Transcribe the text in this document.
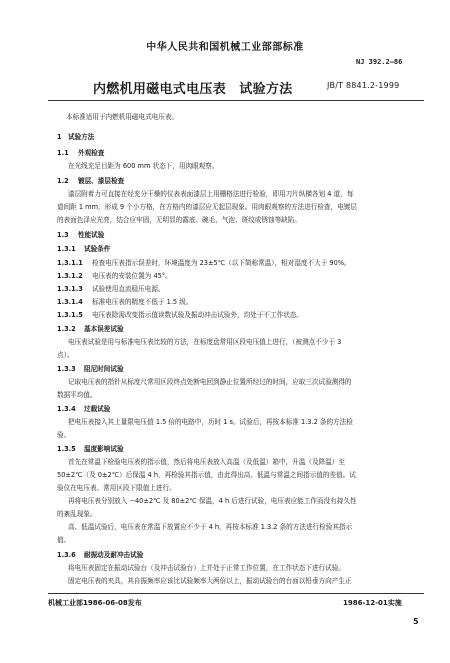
中华人民共和国机械工业部部标准
NJ 392.2—86
内燃机用磁电式电压表　试验方法	JB/T 8841.2-1999
本标准适用于内燃机用磁电式电压表。
1 试验方法
1.1 外观检查
在光线充足目距为 600 mm 状态下，用肉眼观察。
1.2 镀层、漆层检查
漆层附着力可直接在经充分干燥的仪表表面漆层上用栅格法进行检验，即用刀片纵横各划 4 道，每
道间距 1 mm，形成 9 个小方格，在方格内的漆层应无起层现象。用肉眼观察的方法进行检查，电镀层
的表面色泽应光亮，结合应牢固，无明显的露底、碗毛、气泡、斑纹或锈蚀等缺陷。
1.3 性能试验
1.3.1 试验条件
1.3.1.1 检查电压表指示误差时，环境温度为 23±5℃（以下简称常温），相对湿度不大于 90%。
1.3.1.2 电压表的安装位置为 45°。
1.3.1.3 试验使用直流稳压电源。
1.3.1.4 标准电压表的精度不低于 1.5 级。
1.3.1.5 电压表除需改变指示值读数试验及振动冲击试验外，均处于不工作状态。
1.3.2 基本误差试验
电压表试验是用与标准电压表比较的方法，在标度盘常用区段电压值上进行，（被测点不少于 3
点）。
1.3.3 阻尼时间试验
记取电压表的指针从标度尺常用区段终点处断电回到静止位置所经过的时间，应取三次试验测得的
数据平均值。
1.3.4 过载试验
把电压表接入其上量限电压值 1.5 倍的电路中，历时 1 s。试验后，再按本标准 1.3.2 条的方法检
验。
1.3.5 温度影响试验
首先在常温下检验电压表的指示值，然后将电压表放入高温（及低温）箱中，升温（及降温）至
50±2℃（及 0±2℃）后保温 4 h，再检验其指示值，由此得出高、低温与常温之间指示值的差值。试
验仪在电压表、常用区段下限值上进行。
再将电压表分别放入 −40±2℃ 及 80±2℃ 保温，4 h 后进行试验，电压表应能工作而没有持久性
的紊乱现象。
高、低温试验后，电压表在常温下放置应不少于 4 h，再按本标准 1.3.2 条的方法进行检验其指示
值。
1.3.6 耐振动及耐冲击试验
将电压表固定在振动试验台（及冲击试验台）上并处于正常工作位置，在工作状态下进行试验。
固定电压表的夹具，其自振频率应该比试验频率大两倍以上，振动试验台的台面以铅垂方向产生正
机械工业部1986-06-08发布	1986-12-01实施
5
